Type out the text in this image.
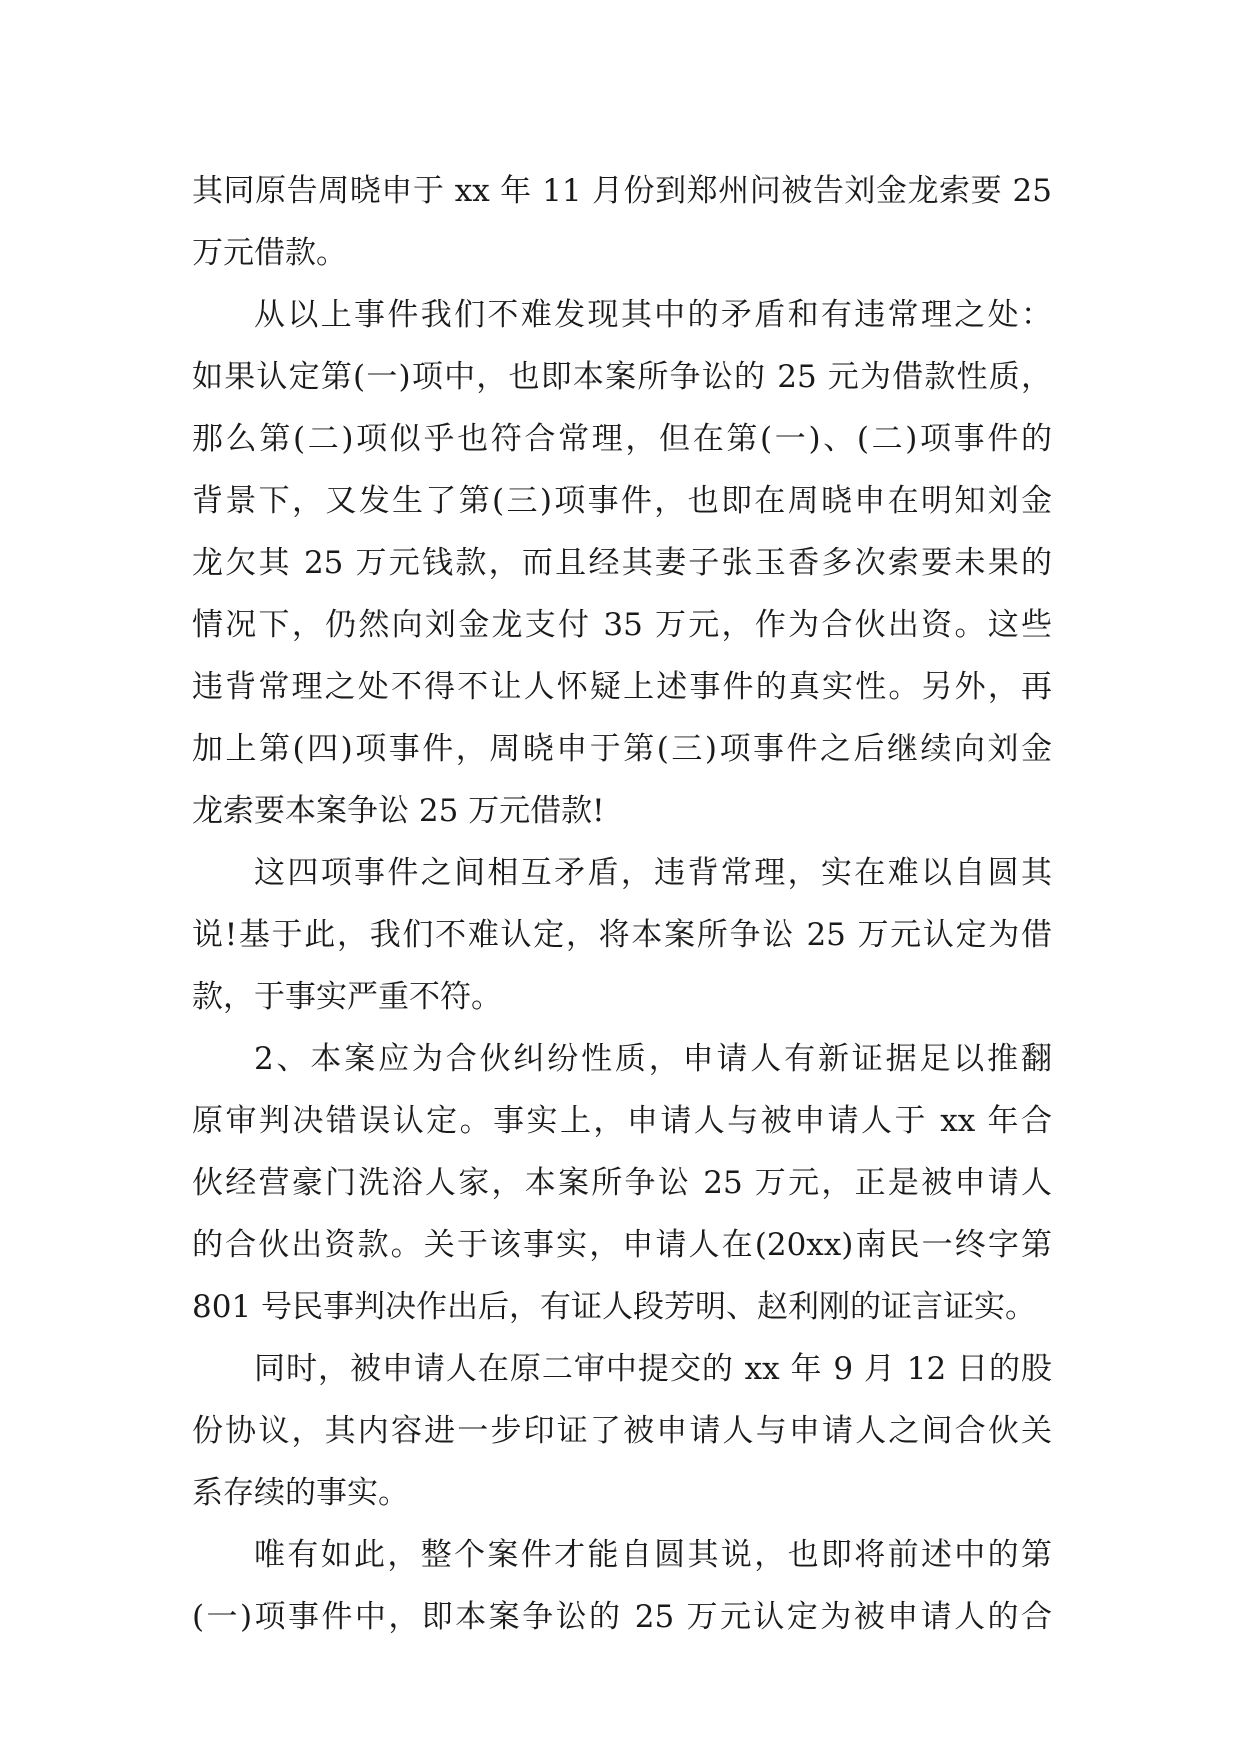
其同原告周晓申于 xx 年 11 月份到郑州问被告刘金龙索要 25
万元借款。
从以上事件我们不难发现其中的矛盾和有违常理之处：
如果认定第(一)项中，也即本案所争讼的 25 元为借款性质，
那么第(二)项似乎也符合常理，但在第(一)、(二)项事件的
背景下，又发生了第(三)项事件，也即在周晓申在明知刘金
龙欠其 25 万元钱款，而且经其妻子张玉香多次索要未果的
情况下，仍然向刘金龙支付 35 万元，作为合伙出资。这些
违背常理之处不得不让人怀疑上述事件的真实性。另外，再
加上第(四)项事件，周晓申于第(三)项事件之后继续向刘金
龙索要本案争讼 25 万元借款!
这四项事件之间相互矛盾，违背常理，实在难以自圆其
说!基于此，我们不难认定，将本案所争讼 25 万元认定为借
款，于事实严重不符。
2、本案应为合伙纠纷性质，申请人有新证据足以推翻
原审判决错误认定。事实上，申请人与被申请人于 xx 年合
伙经营豪门洗浴人家，本案所争讼 25 万元，正是被申请人
的合伙出资款。关于该事实，申请人在(20xx)南民一终字第
801 号民事判决作出后，有证人段芳明、赵利刚的证言证实。
同时，被申请人在原二审中提交的 xx 年 9 月 12 日的股
份协议，其内容进一步印证了被申请人与申请人之间合伙关
系存续的事实。
唯有如此，整个案件才能自圆其说，也即将前述中的第
(一)项事件中，即本案争讼的 25 万元认定为被申请人的合
